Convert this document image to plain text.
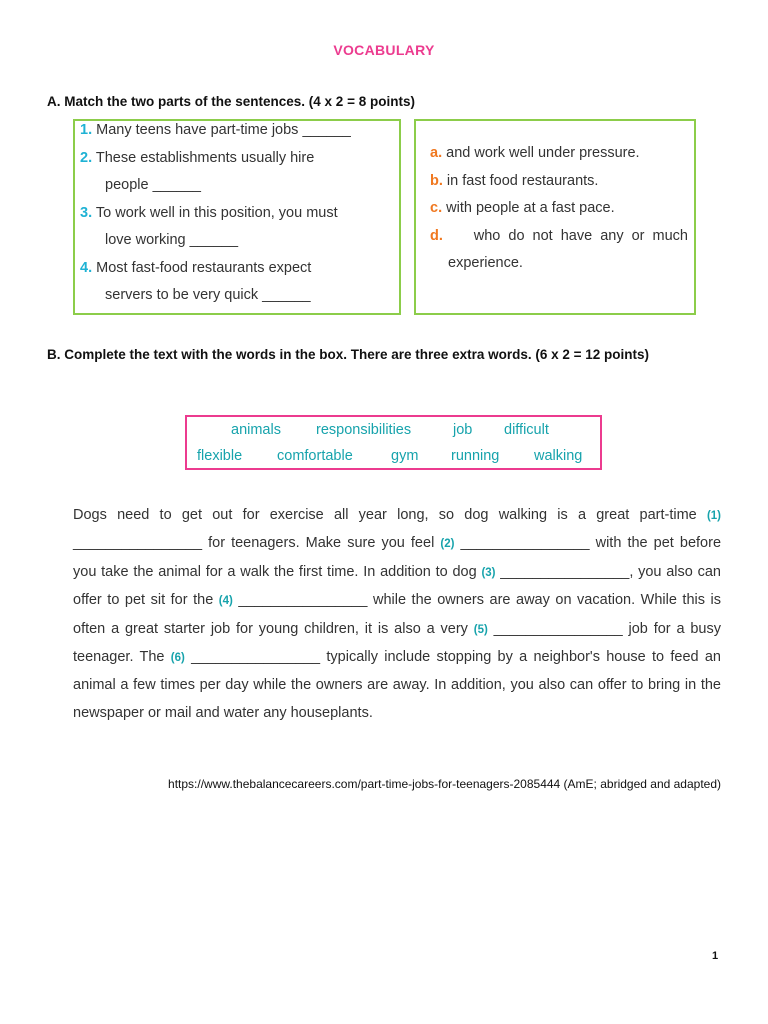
VOCABULARY
A. Match the two parts of the sentences. (4 x 2 = 8 points)
1. Many teens have part-time jobs ______
2. These establishments usually hire
people ______
3. To work well in this position, you must
love working ______
4. Most fast-food restaurants expect
servers to be very quick ______
a. and work well under pressure.
b. in fast food restaurants.
c. with people at a fast pace.
d. who do not have any or much
experience.
B. Complete the text with the words in the box. There are three extra words. (6 x 2 = 12 points)
animals responsibilities	job difficult
flexible comfortable	gym running walking
Dogs need to get out for exercise all year long, so dog walking is a great part-time (1) ________________ for teenagers. Make sure you feel (2) ________________ with the pet before you take the animal for a walk the first time. In addition to dog (3) ________________, you also can offer to pet sit for the (4) ________________ while the owners are away on vacation. While this is often a great starter job for young children, it is also a very (5) ________________ job for a busy teenager. The (6) ________________ typically include stopping by a neighbor's house to feed an animal a few times per day while the owners are away. In addition, you also can offer to bring in the newspaper or mail and water any houseplants.
https://www.thebalancecareers.com/part-time-jobs-for-teenagers-2085444 (AmE; abridged and adapted)
1
